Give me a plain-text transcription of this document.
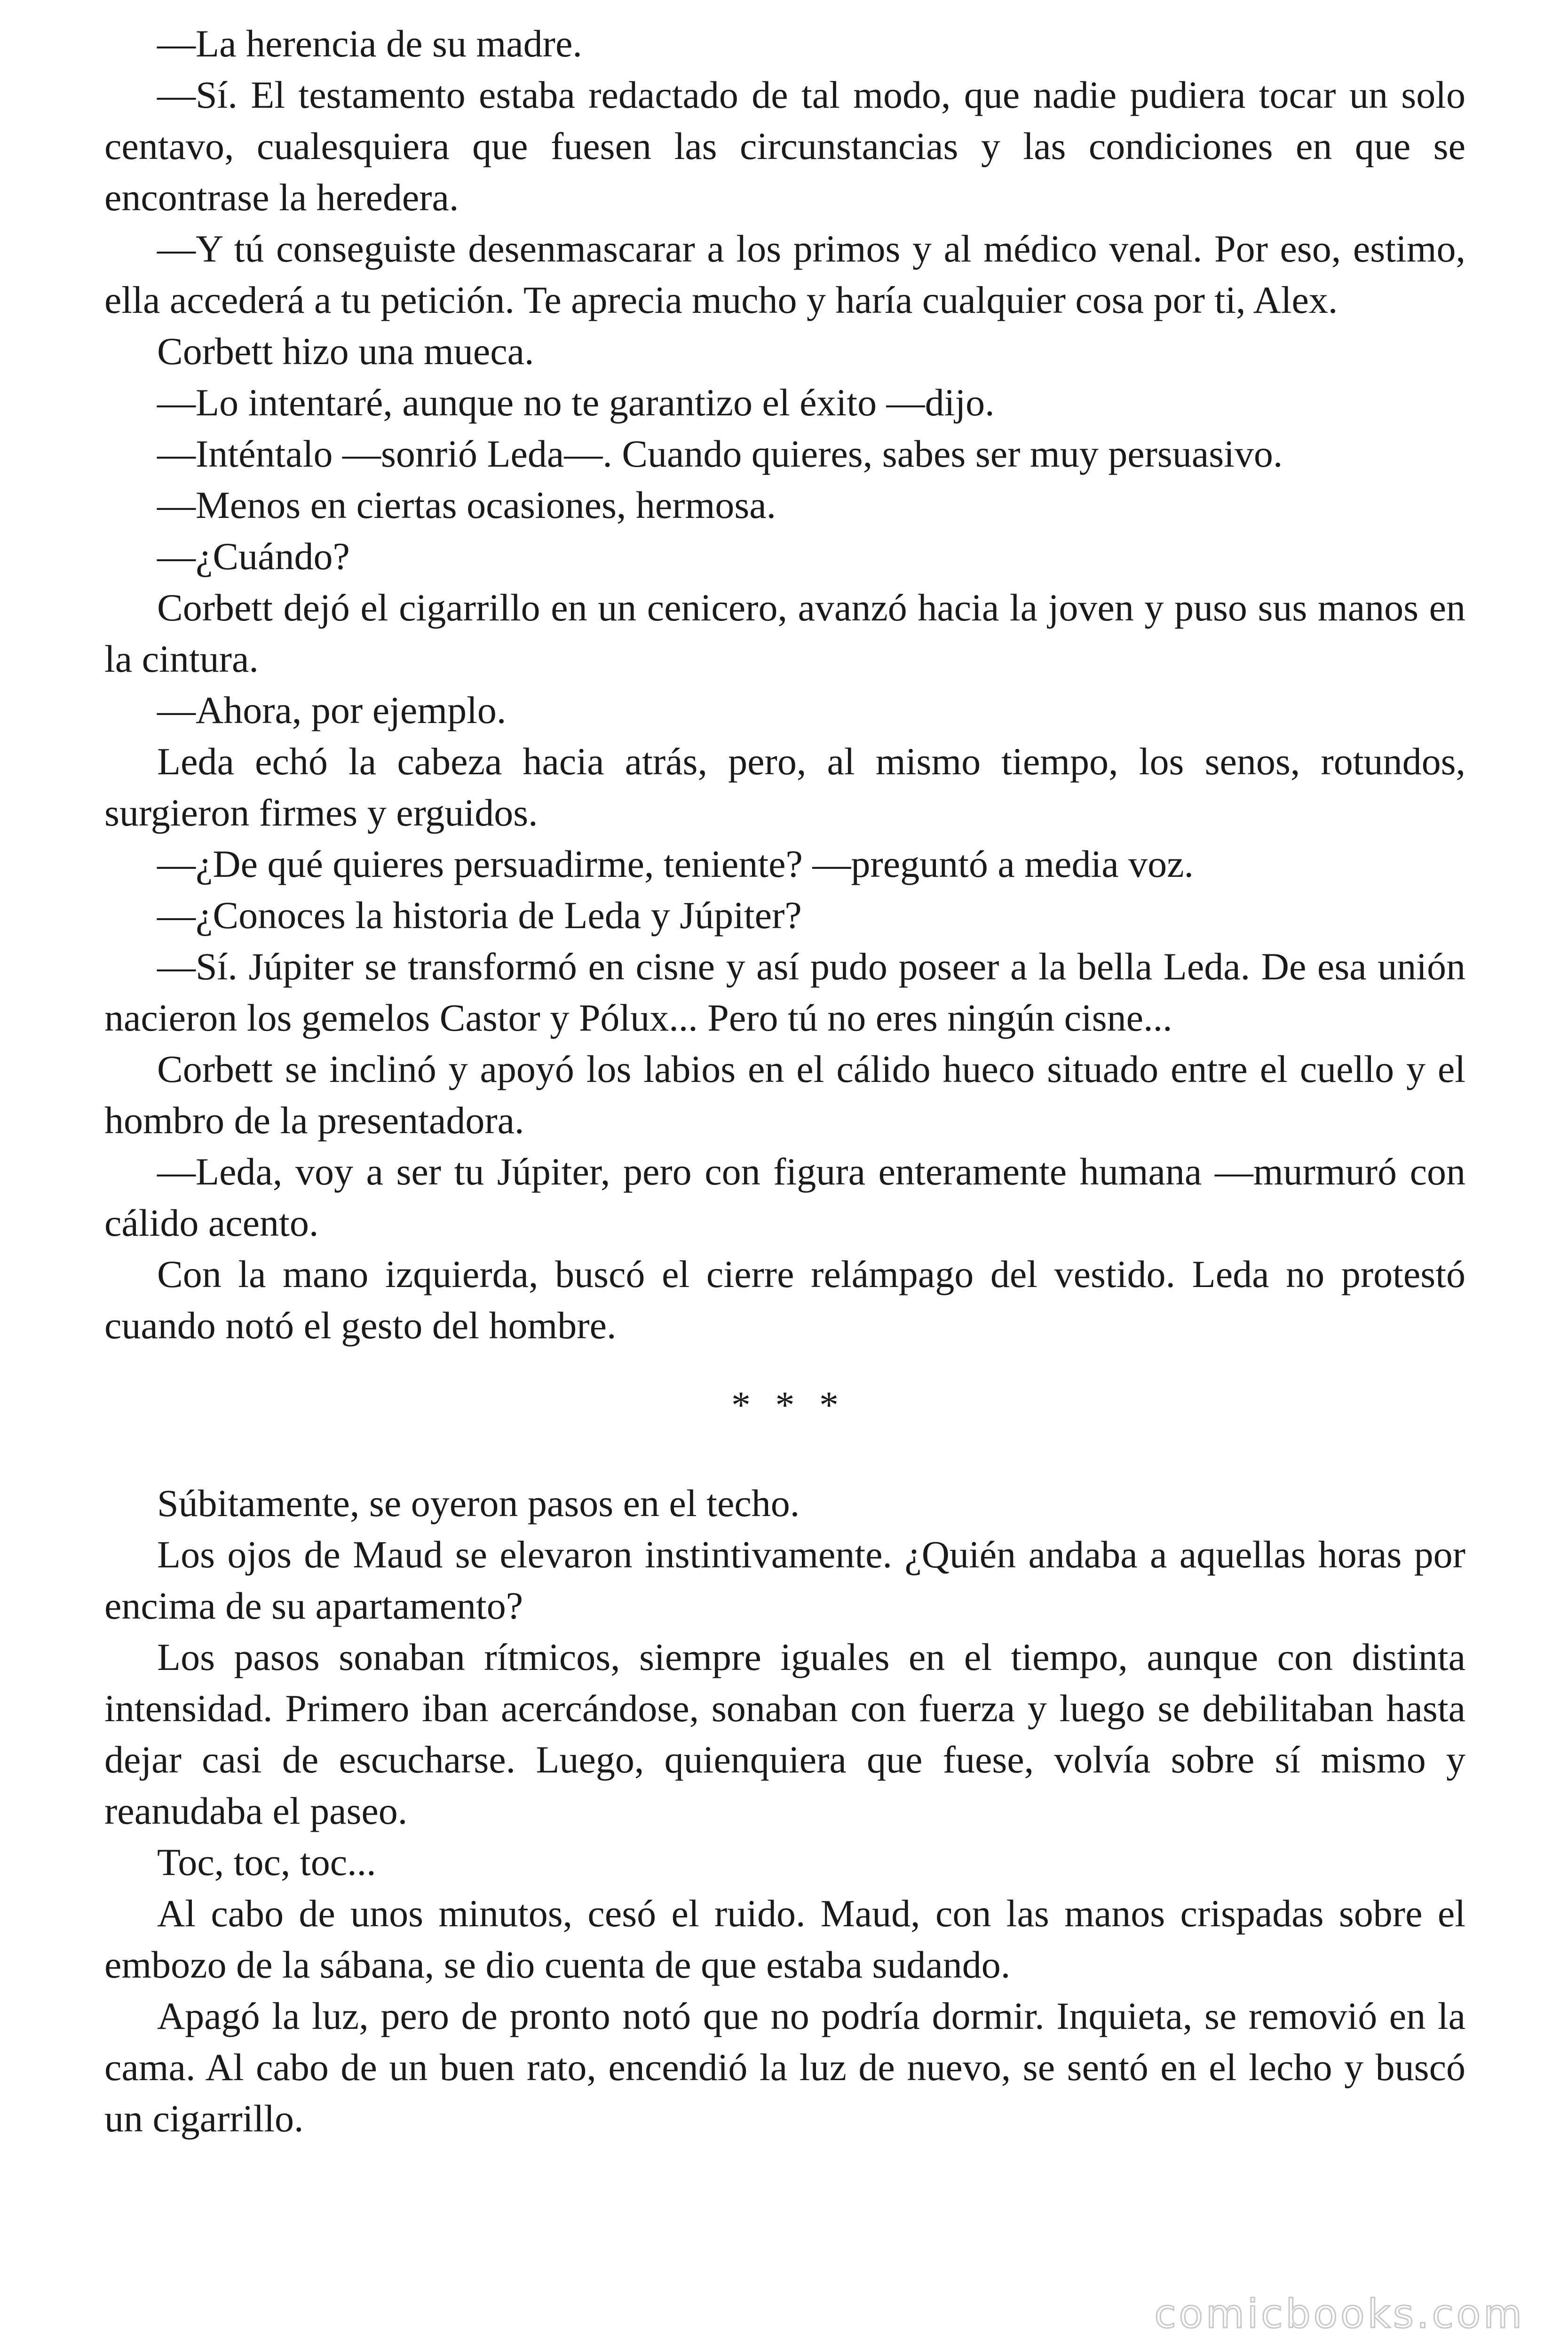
—La herencia de su madre.

—Sí. El testamento estaba redactado de tal modo, que nadie pudiera tocar un solo centavo, cualesquiera que fuesen las circunstancias y las condiciones en que se encontrase la heredera.

—Y tú conseguiste desenmascarar a los primos y al médico venal. Por eso, estimo, ella accederá a tu petición. Te aprecia mucho y haría cualquier cosa por ti, Alex.

Corbett hizo una mueca.

—Lo intentaré, aunque no te garantizo el éxito —dijo.

—Inténtalo —sonrió Leda—. Cuando quieres, sabes ser muy persuasivo.

—Menos en ciertas ocasiones, hermosa.

—¿Cuándo?

Corbett dejó el cigarrillo en un cenicero, avanzó hacia la joven y puso sus manos en la cintura.

—Ahora, por ejemplo.

Leda echó la cabeza hacia atrás, pero, al mismo tiempo, los senos, rotundos, surgieron firmes y erguidos.

—¿De qué quieres persuadirme, teniente? —preguntó a media voz.

—¿Conoces la historia de Leda y Júpiter?

—Sí. Júpiter se transformó en cisne y así pudo poseer a la bella Leda. De esa unión nacieron los gemelos Castor y Pólux... Pero tú no eres ningún cisne...

Corbett se inclinó y apoyó los labios en el cálido hueco situado entre el cuello y el hombro de la presentadora.

—Leda, voy a ser tu Júpiter, pero con figura enteramente humana —murmuró con cálido acento.

Con la mano izquierda, buscó el cierre relámpago del vestido. Leda no protestó cuando notó el gesto del hombre.

* * *

Súbitamente, se oyeron pasos en el techo.

Los ojos de Maud se elevaron instintivamente. ¿Quién andaba a aquellas horas por encima de su apartamento?

Los pasos sonaban rítmicos, siempre iguales en el tiempo, aunque con distinta intensidad. Primero iban acercándose, sonaban con fuerza y luego se debilitaban hasta dejar casi de escucharse. Luego, quienquiera que fuese, volvía sobre sí mismo y reanudaba el paseo.

Toc, toc, toc...

Al cabo de unos minutos, cesó el ruido. Maud, con las manos crispadas sobre el embozo de la sábana, se dio cuenta de que estaba sudando.

Apagó la luz, pero de pronto notó que no podría dormir. Inquieta, se removió en la cama. Al cabo de un buen rato, encendió la luz de nuevo, se sentó en el lecho y buscó un cigarrillo.

comicbooks.com
